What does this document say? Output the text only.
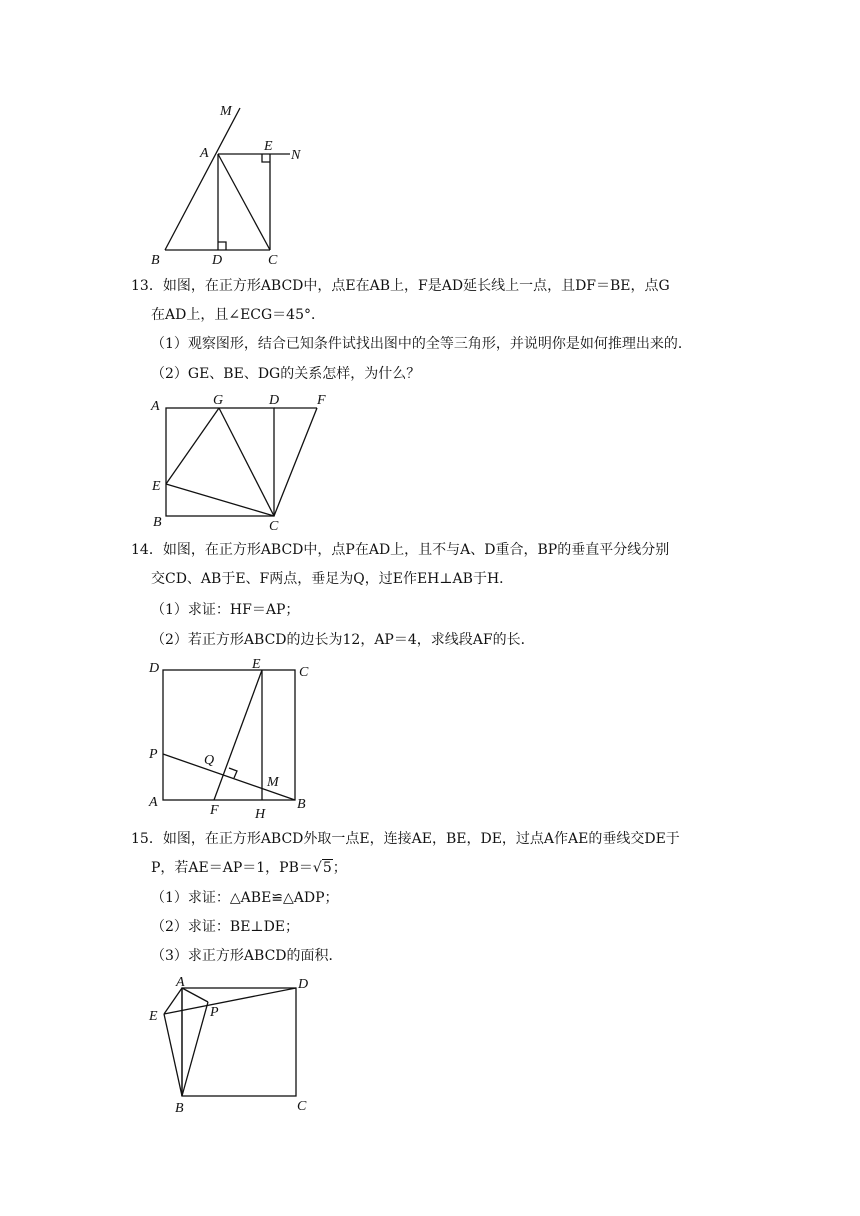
M
A	E
N
B	D	C
13．如图，在正方形ABCD中，点E在AB上，F是AD延长线上一点，且DF＝BE，点G
在AD上，且∠ECG＝45°．
（1）观察图形，结合已知条件试找出图中的全等三角形，并说明你是如何推理出来的．
（2）GE、BE、DG的关系怎样，为什么？
A	G	D	F
E
B	C
14．如图，在正方形ABCD中，点P在AD上，且不与A、D重合，BP的垂直平分线分别
交CD、AB于E、F两点，垂足为Q，过E作EH⊥AB于H．
（1）求证：HF＝AP；
（2）若正方形ABCD的边长为12，AP＝4，求线段AF的长．
D	E
C
P	Q
M
A
F	H
B
15．如图，在正方形ABCD外取一点E，连接AE，BE，DE，过点A作AE的垂线交DE于
P，若AE＝AP＝1，PB＝√5；
（1）求证：△ABE≌△ADP；
（2）求证：BE⊥DE；
（3）求正方形ABCD的面积．
A	D
E	P
B	C
